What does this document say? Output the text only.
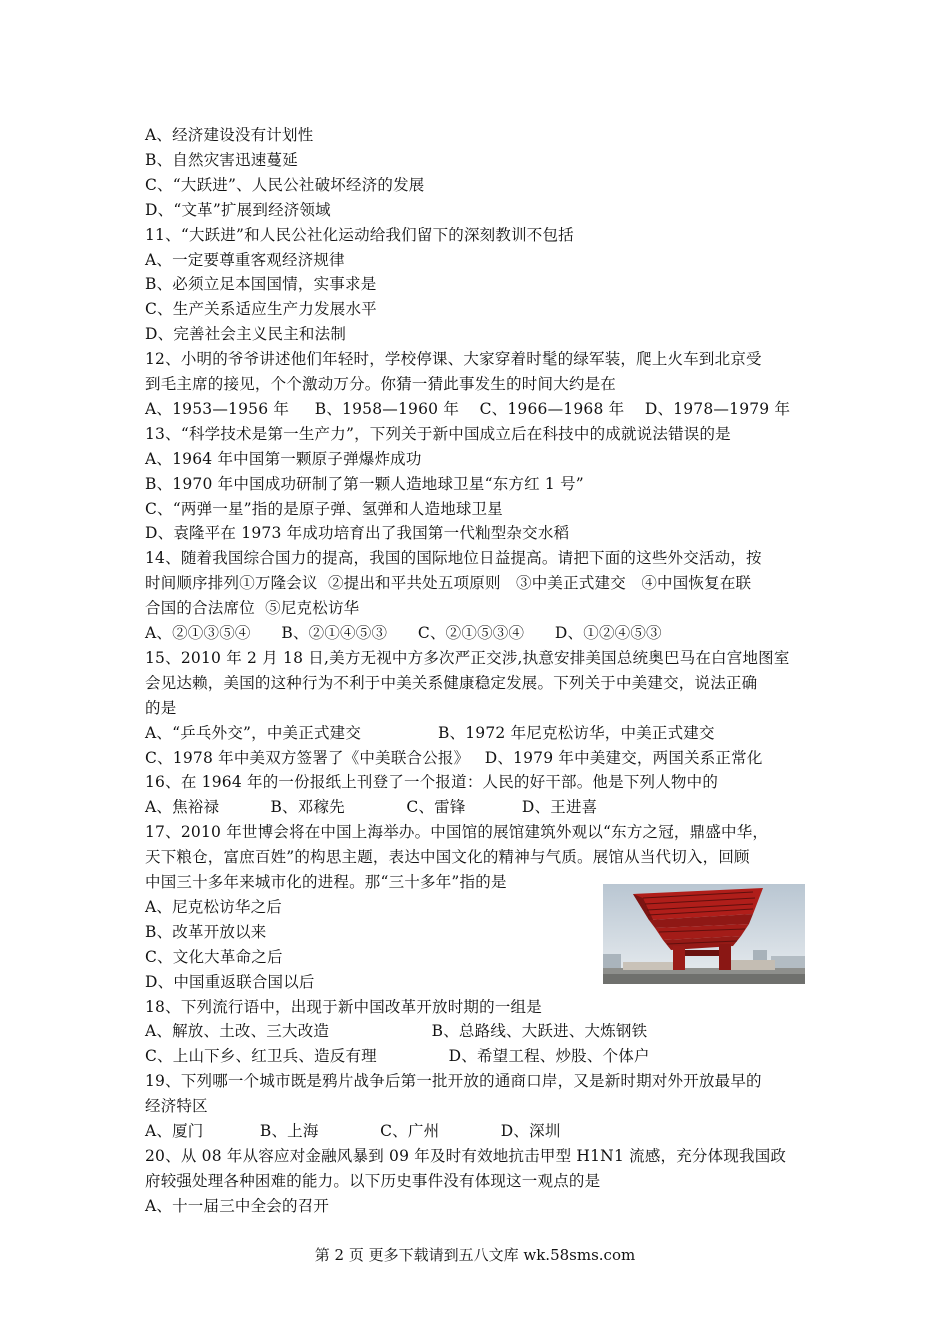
A、经济建设没有计划性
B、自然灾害迅速蔓延
C、“大跃进”、人民公社破坏经济的发展
D、“文革”扩展到经济领域
11、“大跃进”和人民公社化运动给我们留下的深刻教训不包括
A、一定要尊重客观经济规律
B、必须立足本国国情，实事求是
C、生产关系适应生产力发展水平
D、完善社会主义民主和法制
12、小明的爷爷讲述他们年轻时，学校停课、大家穿着时髦的绿军装，爬上火车到北京受
到毛主席的接见，个个激动万分。你猜一猜此事发生的时间大约是在
A、1953—1956 年     B、1958—1960 年    C、1966—1968 年    D、1978—1979 年
13、“科学技术是第一生产力”，下列关于新中国成立后在科技中的成就说法错误的是
A、1964 年中国第一颗原子弹爆炸成功
B、1970 年中国成功研制了第一颗人造地球卫星“东方红 1 号”
C、“两弹一星”指的是原子弹、氢弹和人造地球卫星
D、袁隆平在 1973 年成功培育出了我国第一代籼型杂交水稻
14、随着我国综合国力的提高，我国的国际地位日益提高。请把下面的这些外交活动，按
时间顺序排列①万隆会议  ②提出和平共处五项原则   ③中美正式建交   ④中国恢复在联
合国的合法席位  ⑤尼克松访华
A、②①③⑤④      B、②①④⑤③      C、②①⑤③④      D、①②④⑤③
15、2010 年 2 月 18 日,美方无视中方多次严正交涉,执意安排美国总统奥巴马在白宫地图室
会见达赖，美国的这种行为不利于中美关系健康稳定发展。下列关于中美建交，说法正确
的是
A、“乒乓外交”，中美正式建交               B、1972 年尼克松访华，中美正式建交
C、1978 年中美双方签署了《中美联合公报》   D、1979 年中美建交，两国关系正常化
16、在 1964 年的一份报纸上刊登了一个报道：人民的好干部。他是下列人物中的
A、焦裕禄          B、邓稼先            C、雷锋           D、王进喜
17、2010 年世博会将在中国上海举办。中国馆的展馆建筑外观以“东方之冠，鼎盛中华，
天下粮仓，富庶百姓”的构思主题，表达中国文化的精神与气质。展馆从当代切入，回顾
中国三十多年来城市化的进程。那“三十多年”指的是
A、尼克松访华之后
B、改革开放以来
C、文化大革命之后
D、中国重返联合国以后
18、下列流行语中，出现于新中国改革开放时期的一组是
A、解放、土改、三大改造                    B、总路线、大跃进、大炼钢铁
C、上山下乡、红卫兵、造反有理              D、希望工程、炒股、个体户
19、下列哪一个城市既是鸦片战争后第一批开放的通商口岸，又是新时期对外开放最早的
经济特区
A、厦门           B、上海            C、广州            D、深圳
20、从 08 年从容应对金融风暴到 09 年及时有效地抗击甲型 H1N1 流感，充分体现我国政
府较强处理各种困难的能力。以下历史事件没有体现这一观点的是
A、十一届三中全会的召开
第 2 页 更多下载请到五八文库 wk.58sms.com
